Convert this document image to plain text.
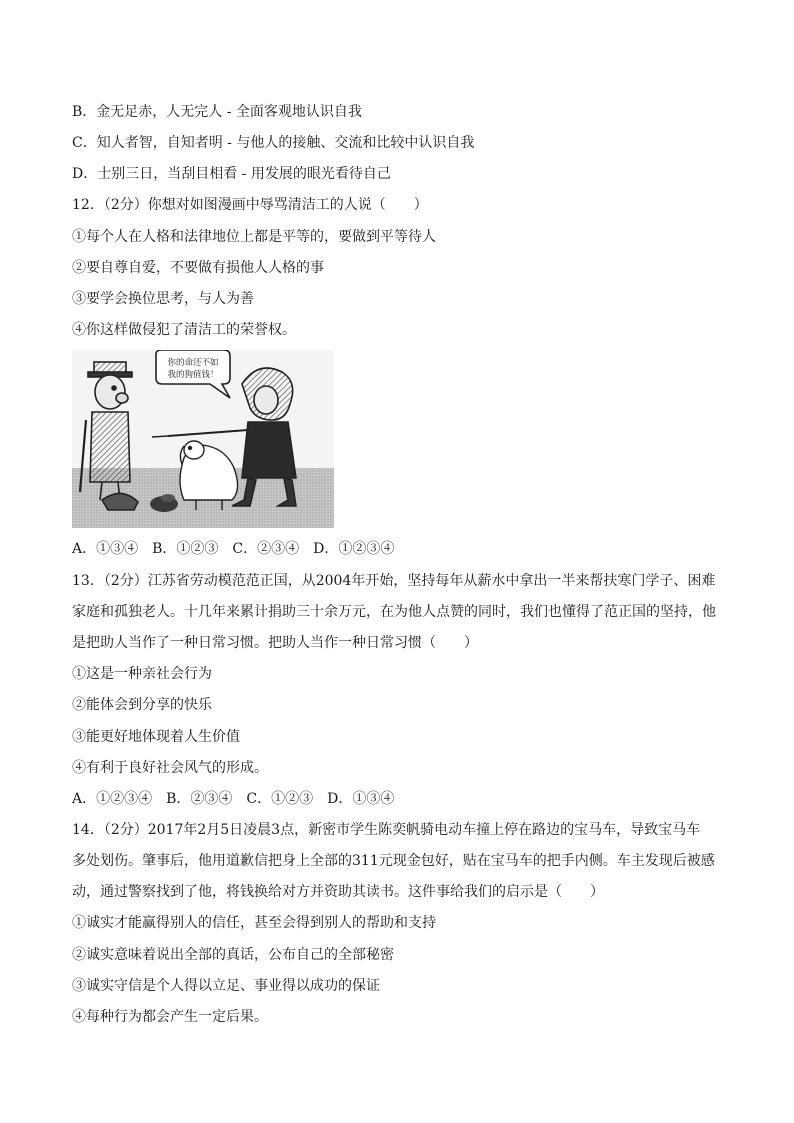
B．金无足赤，人无完人 - 全面客观地认识自我
C．知人者智，自知者明 - 与他人的接触、交流和比较中认识自我
D．士别三日，当刮目相看 - 用发展的眼光看待自己
12．（2分）你想对如图漫画中辱骂清洁工的人说（　　）
①每个人在人格和法律地位上都是平等的，要做到平等待人
②要自尊自爱，不要做有损他人人格的事
③要学会换位思考，与人为善
④你这样做侵犯了清洁工的荣誉权。
你的命还不如
我的狗值钱！
A．①③④　B．①②③　C．②③④　D．①②③④
13．（2分）江苏省劳动模范范正国，从2004年开始，坚持每年从薪水中拿出一半来帮扶寒门学子、困难
家庭和孤独老人。十几年来累计捐助三十余万元，在为他人点赞的同时，我们也懂得了范正国的坚持，他
是把助人当作了一种日常习惯。把助人当作一种日常习惯（　　）
①这是一种亲社会行为
②能体会到分享的快乐
③能更好地体现着人生价值
④有利于良好社会风气的形成。
A．①②③④　B．②③④　C．①②③　D．①③④
14．（2分）2017年2月5日凌晨3点，新密市学生陈奕帆骑电动车撞上停在路边的宝马车，导致宝马车
多处划伤。肇事后，他用道歉信把身上全部的311元现金包好，贴在宝马车的把手内侧。车主发现后被感
动，通过警察找到了他，将钱换给对方并资助其读书。这件事给我们的启示是（　　）
①诚实才能赢得别人的信任，甚至会得到别人的帮助和支持
②诚实意味着说出全部的真话，公布自己的全部秘密
③诚实守信是个人得以立足、事业得以成功的保证
④每种行为都会产生一定后果。
